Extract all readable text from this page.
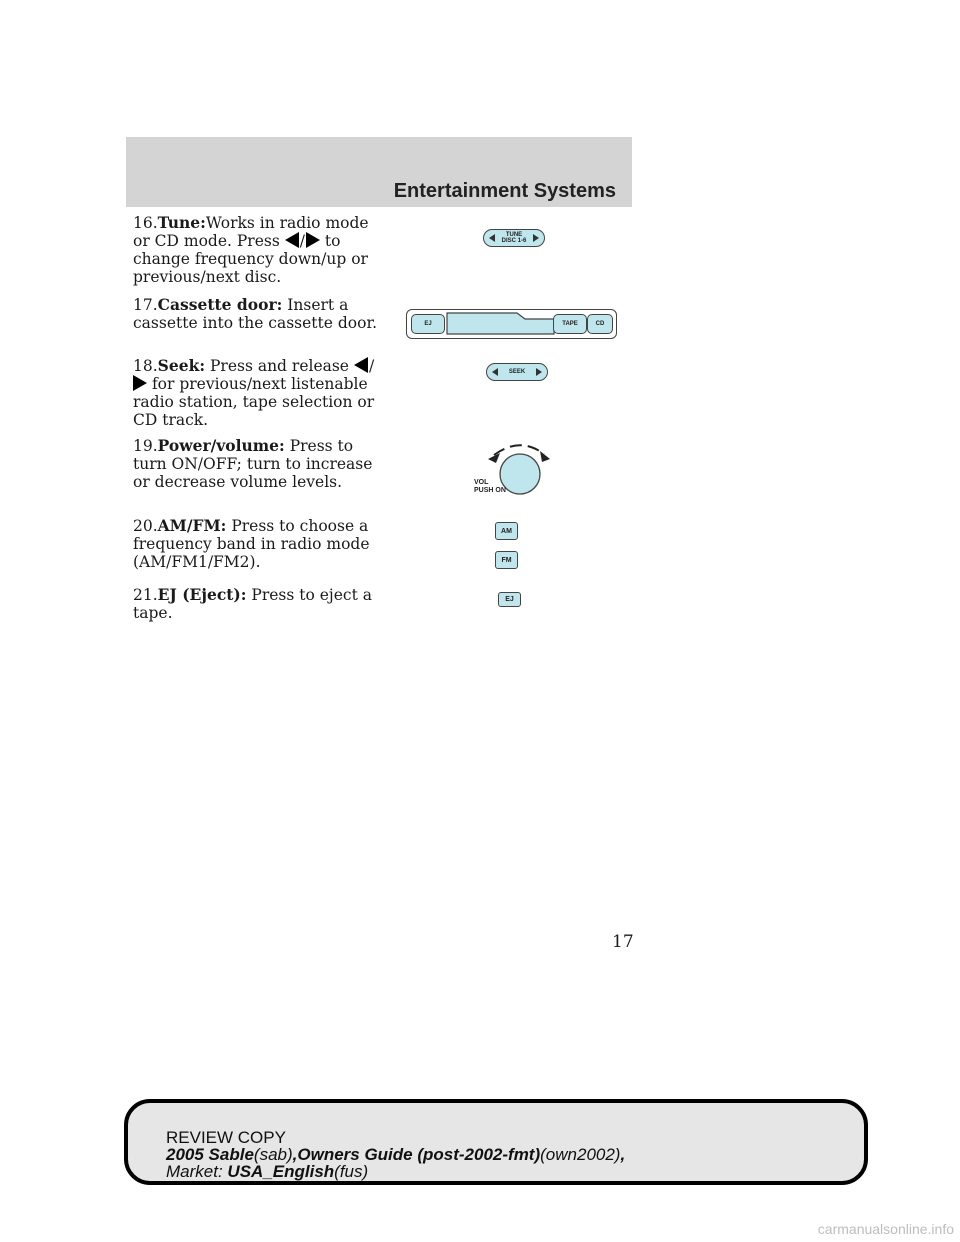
Entertainment Systems
16.Tune:Works in radio mode or CD mode. Press / to change frequency down/up or previous/next disc.
17.Cassette door: Insert a cassette into the cassette door.
18.Seek: Press and release / for previous/next listenable radio station, tape selection or CD track.
19.Power/volume: Press to turn ON/OFF; turn to increase or decrease volume levels.
20.AM/FM: Press to choose a frequency band in radio mode (AM/FM1/FM2).
21.EJ (Eject): Press to eject a tape.
TUNE
DISC 1-6
EJ	TAPE	CD
SEEK
VOL
PUSH ON
AM
FM
EJ
17
REVIEW COPY
2005 Sable(sab),Owners Guide (post-2002-fmt)(own2002),
Market: USA_English(fus)
carmanualsonline.info
